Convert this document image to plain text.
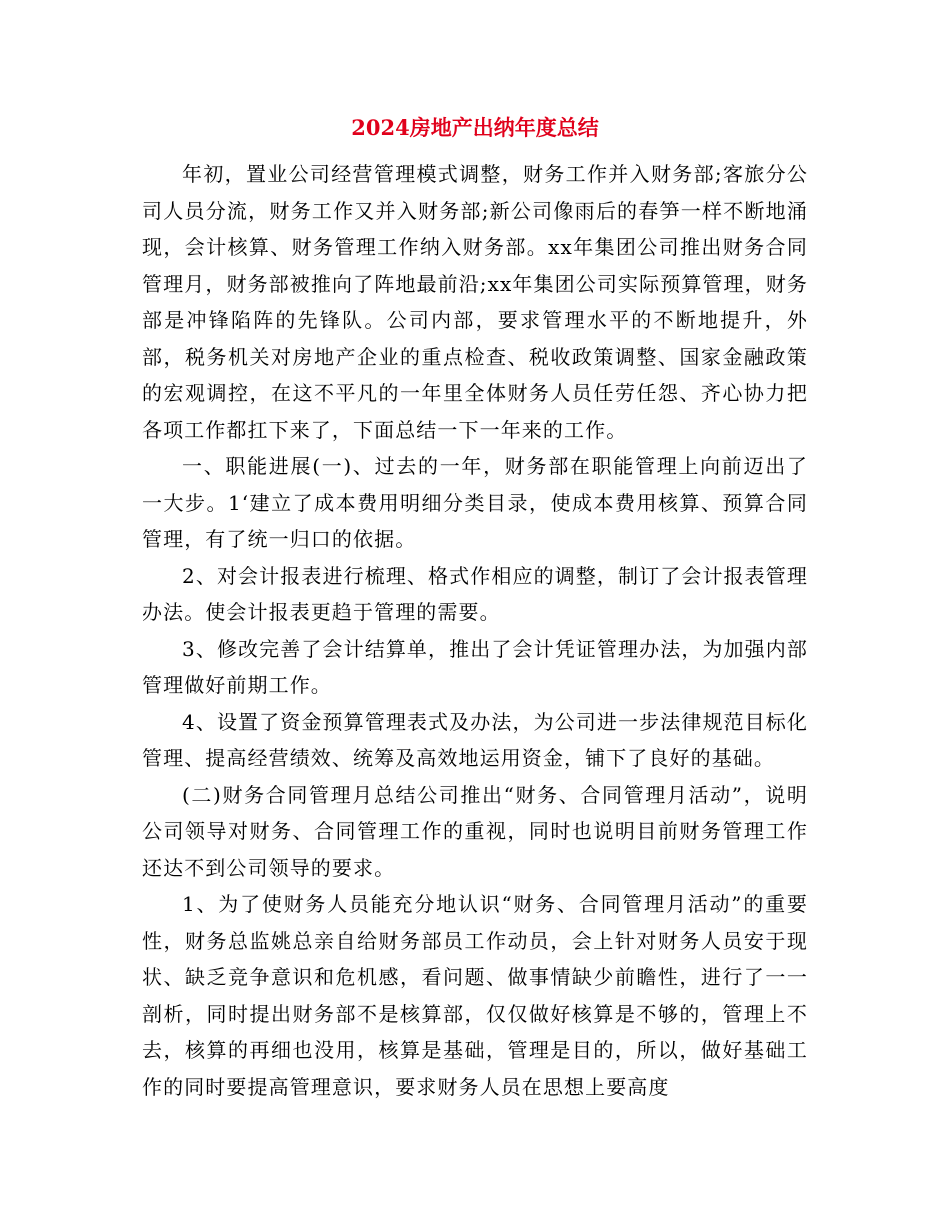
2024房地产出纳年度总结

年初，置业公司经营管理模式调整，财务工作并入财务部;客旅分公司人员分流，财务工作又并入财务部;新公司像雨后的春笋一样不断地涌现，会计核算、财务管理工作纳入财务部。xx年集团公司推出财务合同管理月，财务部被推向了阵地最前沿;xx年集团公司实际预算管理，财务部是冲锋陷阵的先锋队。公司内部，要求管理水平的不断地提升，外部，税务机关对房地产企业的重点检查、税收政策调整、国家金融政策的宏观调控，在这不平凡的一年里全体财务人员任劳任怨、齐心协力把各项工作都扛下来了，下面总结一下一年来的工作。

一、职能进展(一)、过去的一年，财务部在职能管理上向前迈出了一大步。1‘建立了成本费用明细分类目录，使成本费用核算、预算合同管理，有了统一归口的依据。

2、对会计报表进行梳理、格式作相应的调整，制订了会计报表管理办法。使会计报表更趋于管理的需要。

3、修改完善了会计结算单，推出了会计凭证管理办法，为加强内部管理做好前期工作。

4、设置了资金预算管理表式及办法，为公司进一步法律规范目标化管理、提高经营绩效、统筹及高效地运用资金，铺下了良好的基础。

(二)财务合同管理月总结公司推出“财务、合同管理月活动”，说明公司领导对财务、合同管理工作的重视，同时也说明目前财务管理工作还达不到公司领导的要求。

1、为了使财务人员能充分地认识“财务、合同管理月活动”的重要性，财务总监姚总亲自给财务部员工作动员，会上针对财务人员安于现状、缺乏竞争意识和危机感，看问题、做事情缺少前瞻性，进行了一一剖析，同时提出财务部不是核算部，仅仅做好核算是不够的，管理上不去，核算的再细也没用，核算是基础，管理是目的，所以，做好基础工作的同时要提高管理意识，要求财务人员在思想上要高度
